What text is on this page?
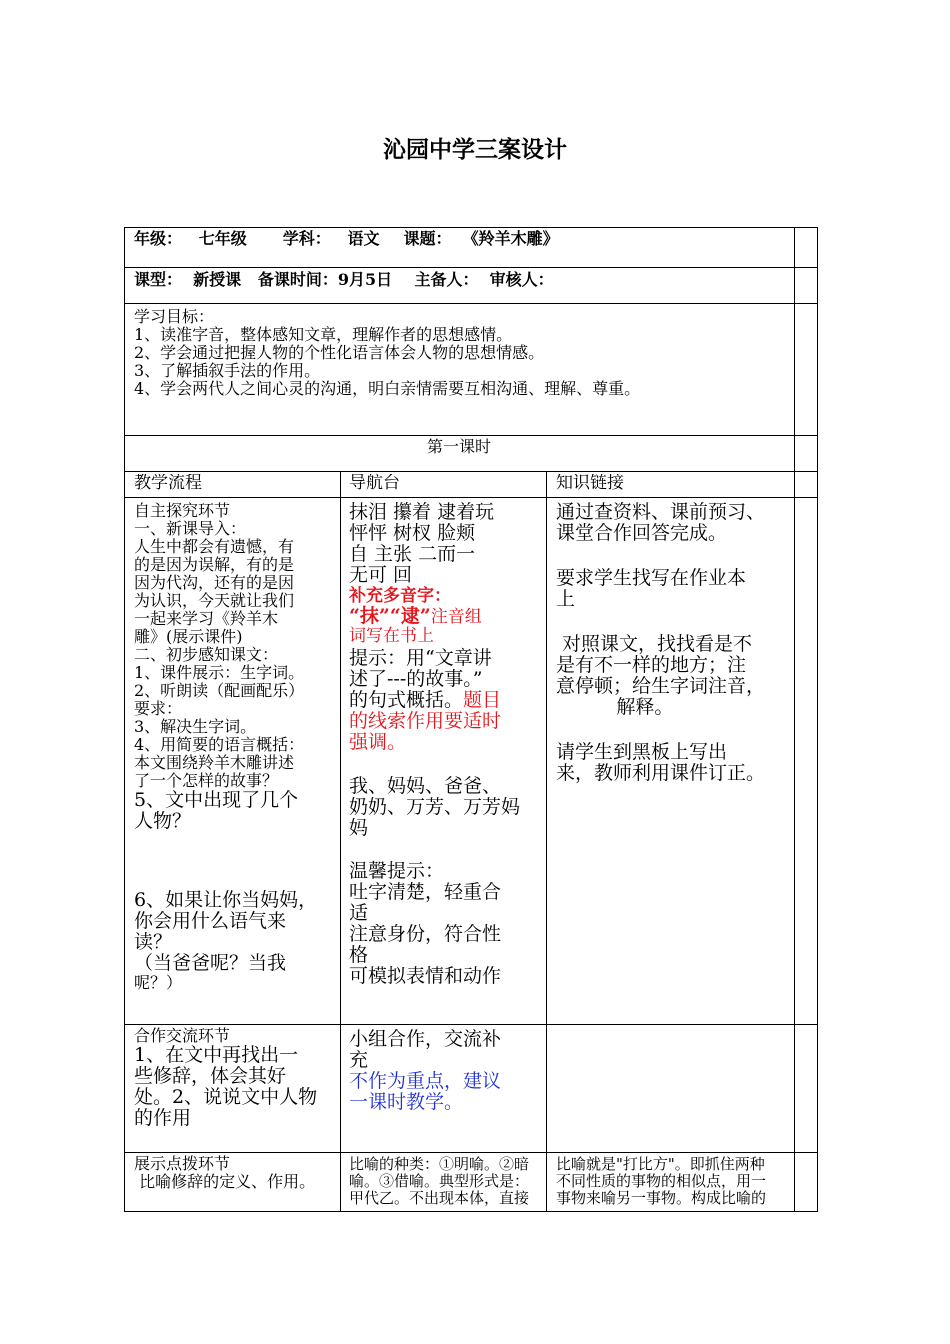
沁园中学三案设计
年级： 七年级 学科： 语文 课题： 《羚羊木雕》
课型： 新授课 备课时间：9月5日 主备人： 审核人：
学习目标：
1、读准字音，整体感知文章，理解作者的思想感情。
2、学会通过把握人物的个性化语言体会人物的思想情感。
3、了解插叙手法的作用。
4、学会两代人之间心灵的沟通，明白亲情需要互相沟通、理解、尊重。
第一课时
教学流程	导航台	知识链接
自主探究环节
一、新课导入：
人生中都会有遗憾，有
的是因为误解，有的是
因为代沟，还有的是因
为认识，今天就让我们
一起来学习《羚羊木
雕》(展示课件)
二、初步感知课文：
1、课件展示：生字词。
2、听朗读（配画配乐）
要求：
3、解决生字词。
4、用简要的语言概括：
本文围绕羚羊木雕讲述
了一个怎样的故事？
5、文中出现了几个
人物？
6、如果让你当妈妈，
你会用什么语气来
读？
（当爸爸呢？当我
呢？）
抹泪 攥着 逮着玩
怦怦 树杈 脸颊
自 主张 二而一
无可 回
补充多音字：
“抹”“逮”注音组
词写在书上
提示：用“文章讲
述了---的故事。”
的句式概括。题目
的线索作用要适时
强调。
我、妈妈、爸爸、
奶奶、万芳、万芳妈
妈
温馨提示：
吐字清楚，轻重合
适
注意身份，符合性
格
可模拟表情和动作
通过查资料、课前预习、
课堂合作回答完成。
要求学生找写在作业本
上
对照课文，找找看是不
是有不一样的地方；注
意停顿；给生字词注音，
解释。
请学生到黑板上写出
来，教师利用课件订正。
合作交流环节
1、在文中再找出一
些修辞，体会其好
处。2、说说文中人物
的作用
小组合作，交流补
充
不作为重点，建议
一课时教学。
展示点拨环节
比喻修辞的定义、作用。
比喻的种类：①明喻。②暗
喻。③借喻。典型形式是：
甲代乙。不出现本体，直接
比喻就是"打比方"。即抓住两种
不同性质的事物的相似点，用一
事物来喻另一事物。构成比喻的
